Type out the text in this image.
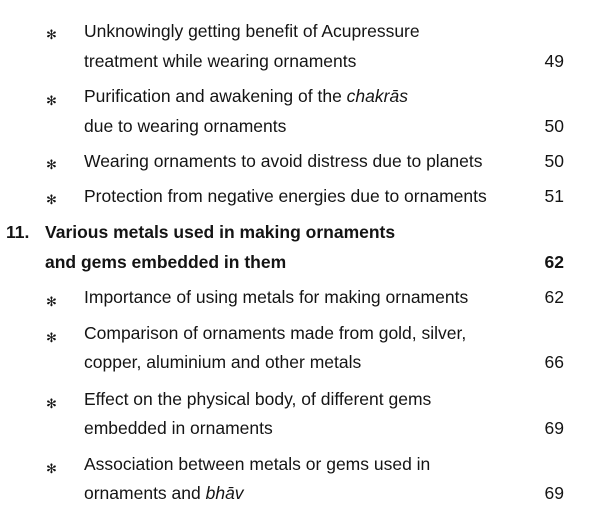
✻ Unknowingly getting benefit of Acupressure
treatment while wearing ornaments	49
✻ Purification and awakening of the chakrās
due to wearing ornaments	50
✻ Wearing ornaments to avoid distress due to planets	50
✻ Protection from negative energies due to ornaments	51
11. Various metals used in making ornaments
and gems embedded in them	62
✻ Importance of using metals for making ornaments	62
✻ Comparison of ornaments made from gold, silver,
copper, aluminium and other metals	66
✻ Effect on the physical body, of different gems
embedded in ornaments	69
✻ Association between metals or gems used in
ornaments and bhāv	69
